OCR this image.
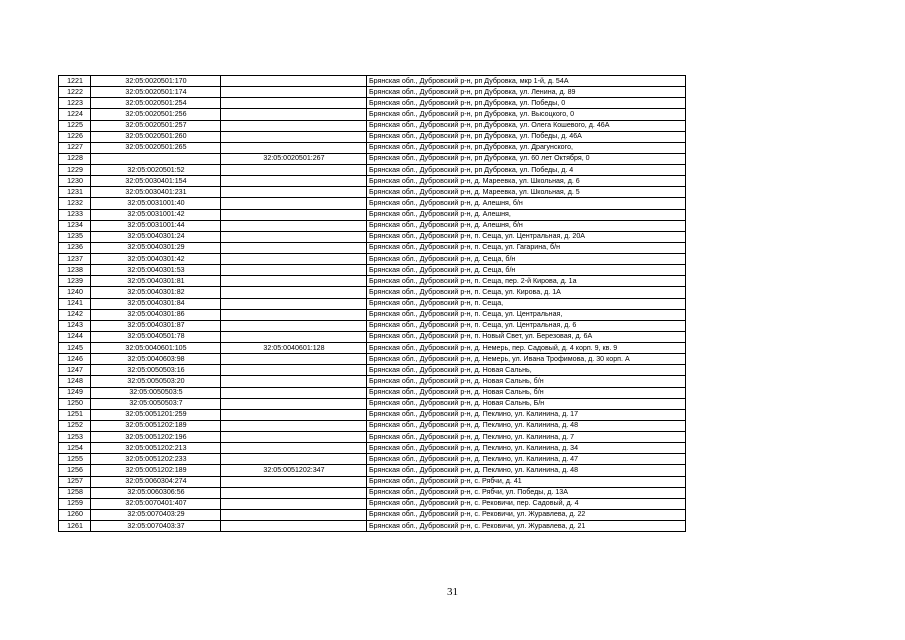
1221	32:05:0020501:170		Брянская обл., Дубровский р-н, рп Дубровка, мкр 1-й, д. 54А
1222	32:05:0020501:174		Брянская обл., Дубровский р-н, рп Дубровка, ул. Ленина, д. 89
1223	32:05:0020501:254		Брянская обл., Дубровский р-н, рп.Дубровка, ул. Победы, 0
1224	32:05:0020501:256		Брянская обл., Дубровский р-н, рп Дубровка, ул. Высоцкого, 0
1225	32:05:0020501:257		Брянская обл., Дубровский р-н, рп.Дубровка, ул. Олега Кошевого, д. 46А
1226	32:05:0020501:260		Брянская обл., Дубровский р-н, рп Дубровка, ул. Победы, д. 46А
1227	32:05:0020501:265		Брянская обл., Дубровский р-н, рп.Дубровка, ул. Драгунского,
1228		32:05:0020501:267	Брянская обл., Дубровский р-н, рп Дубровка, ул. 60 лет Октября, 0
1229	32:05:0020501:52		Брянская обл., Дубровский р-н, рп Дубровка, ул. Победы, д. 4
1230	32:05:0030401:154		Брянская обл., Дубровский р-н, д. Мареевка, ул. Школьная, д. 6
1231	32:05:0030401:231		Брянская обл., Дубровский р-н, д. Мареевка, ул. Школьная, д. 5
1232	32:05:0031001:40		Брянская обл., Дубровский р-н, д. Алешня, б/н
1233	32:05:0031001:42		Брянская обл., Дубровский р-н, д. Алешня,
1234	32:05:0031001:44		Брянская обл., Дубровский р-н, д. Алешня, б/н
1235	32:05:0040301:24		Брянская обл., Дубровский р-н, п. Сеща, ул. Центральная, д. 20А
1236	32:05:0040301:29		Брянская обл., Дубровский р-н, п. Сеща, ул. Гагарина, б/н
1237	32:05:0040301:42		Брянская обл., Дубровский р-н, д. Сеща, б/н
1238	32:05:0040301:53		Брянская обл., Дубровский р-н, д. Сеща, б/н
1239	32:05:0040301:81		Брянская обл., Дубровский р-н, п. Сеща, пер. 2-й Кирова, д. 1а
1240	32:05:0040301:82		Брянская обл., Дубровский р-н, п. Сеща, ул. Кирова, д. 1А
1241	32:05:0040301:84		Брянская обл., Дубровский р-н, п. Сеща,
1242	32:05:0040301:86		Брянская обл., Дубровский р-н, п. Сеща, ул. Центральная,
1243	32:05:0040301:87		Брянская обл., Дубровский р-н, п. Сеща, ул. Центральная, д. 6
1244	32:05:0040501:78		Брянская обл., Дубровский р-н, п. Новый Свет, ул. Березовая, д. 6А
1245	32:05:0040601:105	32:05:0040601:128	Брянская обл., Дубровский р-н, д. Немерь, пер. Садовый, д. 4 корп. 9, кв. 9
1246	32:05:0040603:98		Брянская обл., Дубровский р-н, д. Немерь, ул. Ивана Трофимова, д. 30 корп. А
1247	32:05:0050503:16		Брянская обл., Дубровский р-н, д. Новая Сальнь,
1248	32:05:0050503:20		Брянская обл., Дубровский р-н, д. Новая Сальнь, б/н
1249	32:05:0050503:5		Брянская обл., Дубровский р-н, д. Новая Сальнь, б/н
1250	32:05:0050503:7		Брянская обл., Дубровский р-н, д. Новая Сальнь, Б/н
1251	32:05:0051201:259		Брянская обл., Дубровский р-н, д. Пеклино, ул. Калинина, д. 17
1252	32:05:0051202:189		Брянская обл., Дубровский р-н, д. Пеклино, ул. Калинина, д. 48
1253	32:05:0051202:196		Брянская обл., Дубровский р-н, д. Пеклино, ул. Калинина, д. 7
1254	32:05:0051202:213		Брянская обл., Дубровский р-н, д. Пеклино, ул. Калинина, д. 34
1255	32:05:0051202:233		Брянская обл., Дубровский р-н, д. Пеклино, ул. Калинина, д. 47
1256	32:05:0051202:189	32:05:0051202:347	Брянская обл., Дубровский р-н, д. Пеклино, ул. Калинина, д. 48
1257	32:05:0060304:274		Брянская обл., Дубровский р-н, с. Рябчи, д. 41
1258	32:05:0060306:56		Брянская обл., Дубровский р-н, с. Рябчи, ул. Победы, д. 13А
1259	32:05:0070401:407		Брянская обл., Дубровский р-н, с. Рековичи, пер. Садовый, д. 4
1260	32:05:0070403:29		Брянская обл., Дубровский р-н, с. Рековичи, ул. Журавлева, д. 22
1261	32:05:0070403:37		Брянская обл., Дубровский р-н, с. Рековичи, ул. Журавлева, д. 21
31
